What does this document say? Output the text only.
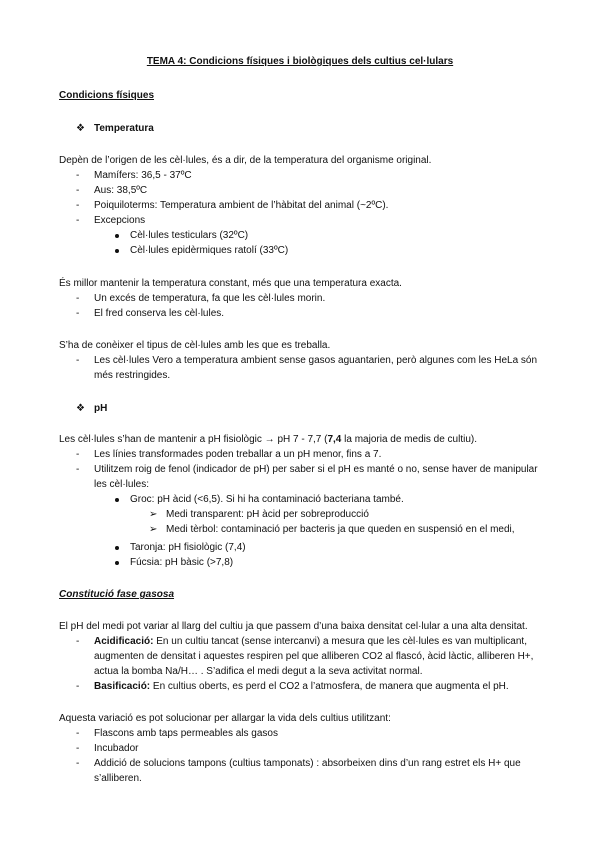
TEMA 4: Condicions físiques i biològiques dels cultius cel·lulars
Condicions físiques
❖ Temperatura
Depèn de l’origen de les cèl·lules, és a dir, de la temperatura del organisme original.
- Mamífers: 36,5 - 37ºC
- Aus: 38,5ºC
- Poiquiloterms: Temperatura ambient de l’hàbitat del animal (~2ºC).
- Excepcions
Cèl·lules testiculars (32ºC)
Cèl·lules epidèrmiques ratolí (33ºC)
És millor mantenir la temperatura constant, més que una temperatura exacta.
- Un excés de temperatura, fa que les cèl·lules morin.
- El fred conserva les cèl·lules.
S’ha de conèixer el tipus de cèl·lules amb les que es treballa.
- Les cèl·lules Vero a temperatura ambient sense gasos aguantarien, però algunes com les HeLa són
més restringides.
❖ pH
Les cèl·lules s’han de mantenir a pH fisiològic → pH 7 - 7,7 (7,4 la majoria de medis de cultiu).
- Les línies transformades poden treballar a un pH menor, fins a 7.
- Utilitzem roig de fenol (indicador de pH) per saber si el pH es manté o no, sense haver de manipular
les cèl·lules:
Groc: pH àcid (<6,5). Si hi ha contaminació bacteriana també.
➢ Medi transparent: pH àcid per sobreproducció
➢ Medi tèrbol: contaminació per bacteris ja que queden en suspensió en el medi,
Taronja: pH fisiològic (7,4)
Fúcsia: pH bàsic (>7,8)
Constitució fase gasosa
El pH del medi pot variar al llarg del cultiu ja que passem d’una baixa densitat cel·lular a una alta densitat.
- Acidificació: En un cultiu tancat (sense intercanvi) a mesura que les cèl·lules es van multiplicant,
augmenten de densitat i aquestes respiren pel que alliberen CO2 al flascó, àcid làctic, alliberen H+,
actua la bomba Na/H… . S’adifica el medi degut a la seva activitat normal.
- Basificació: En cultius oberts, es perd el CO2 a l’atmosfera, de manera que augmenta el pH.
Aquesta variació es pot solucionar per allargar la vida dels cultius utilitzant:
- Flascons amb taps permeables als gasos
- Incubador
- Addició de solucions tampons (cultius tamponats) : absorbeixen dins d’un rang estret els H+ que
s’alliberen.
